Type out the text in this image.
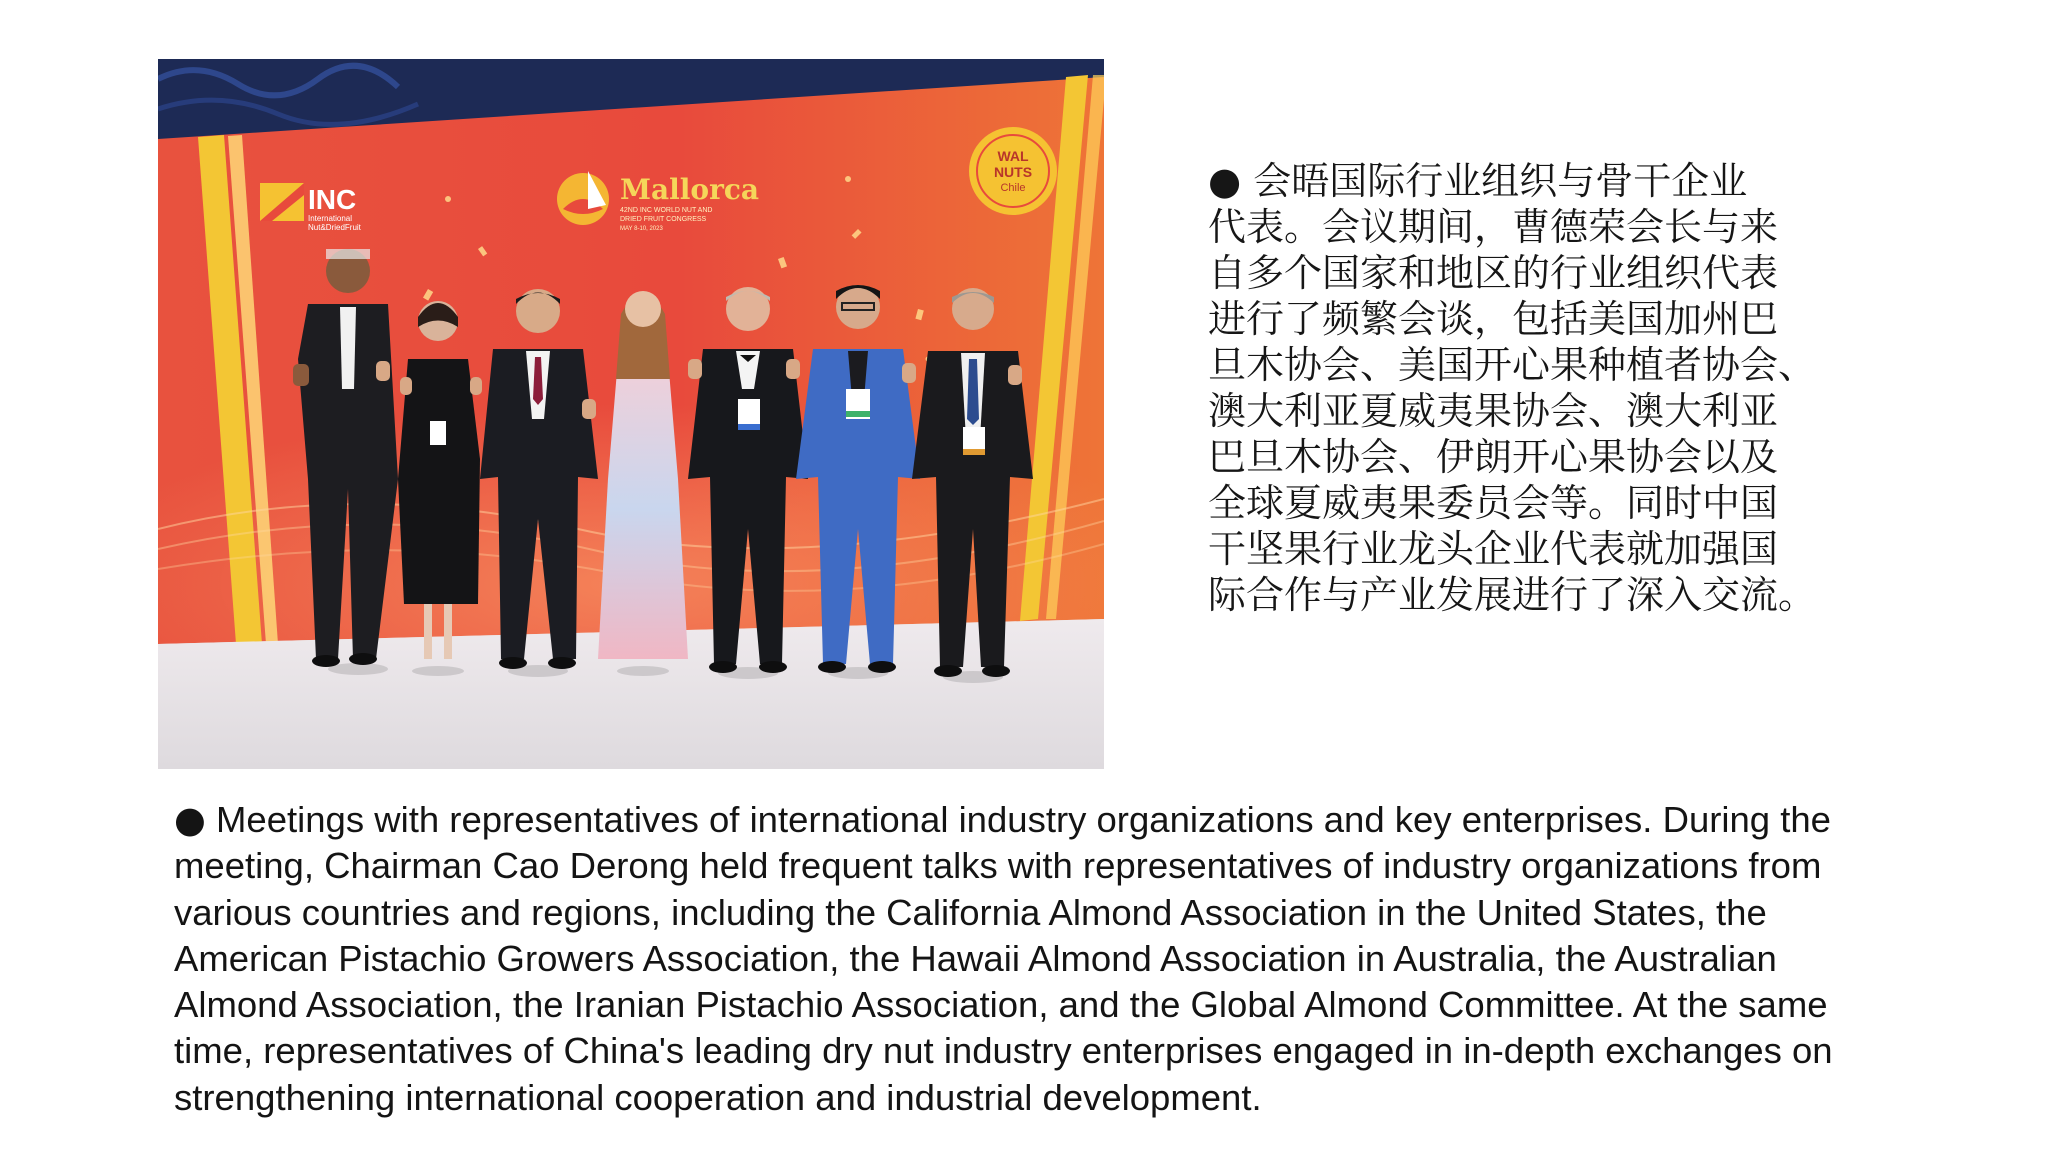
INC
International
Nut&DriedFruit
Mallorca
42ND INC WORLD NUT AND
DRIED FRUIT CONGRESS
MAY 8-10, 2023
WAL
NUTS
Chile	● 会晤国际行业组织与骨干企业
代表。会议期间，曹德荣会长与来
自多个国家和地区的行业组织代表
进行了频繁会谈，包括美国加州巴
旦木协会、美国开心果种植者协会、
澳大利亚夏威夷果协会、澳大利亚
巴旦木协会、伊朗开心果协会以及
全球夏威夷果委员会等。同时中国
干坚果行业龙头企业代表就加强国
际合作与产业发展进行了深入交流。
● Meetings with representatives of international industry organizations and key enterprises. During the
meeting, Chairman Cao Derong held frequent talks with representatives of industry organizations from
various countries and regions, including the California Almond Association in the United States, the
American Pistachio Growers Association, the Hawaii Almond Association in Australia, the Australian
Almond Association, the Iranian Pistachio Association, and the Global Almond Committee. At the same
time, representatives of China's leading dry nut industry enterprises engaged in in-depth exchanges on
strengthening international cooperation and industrial development.
